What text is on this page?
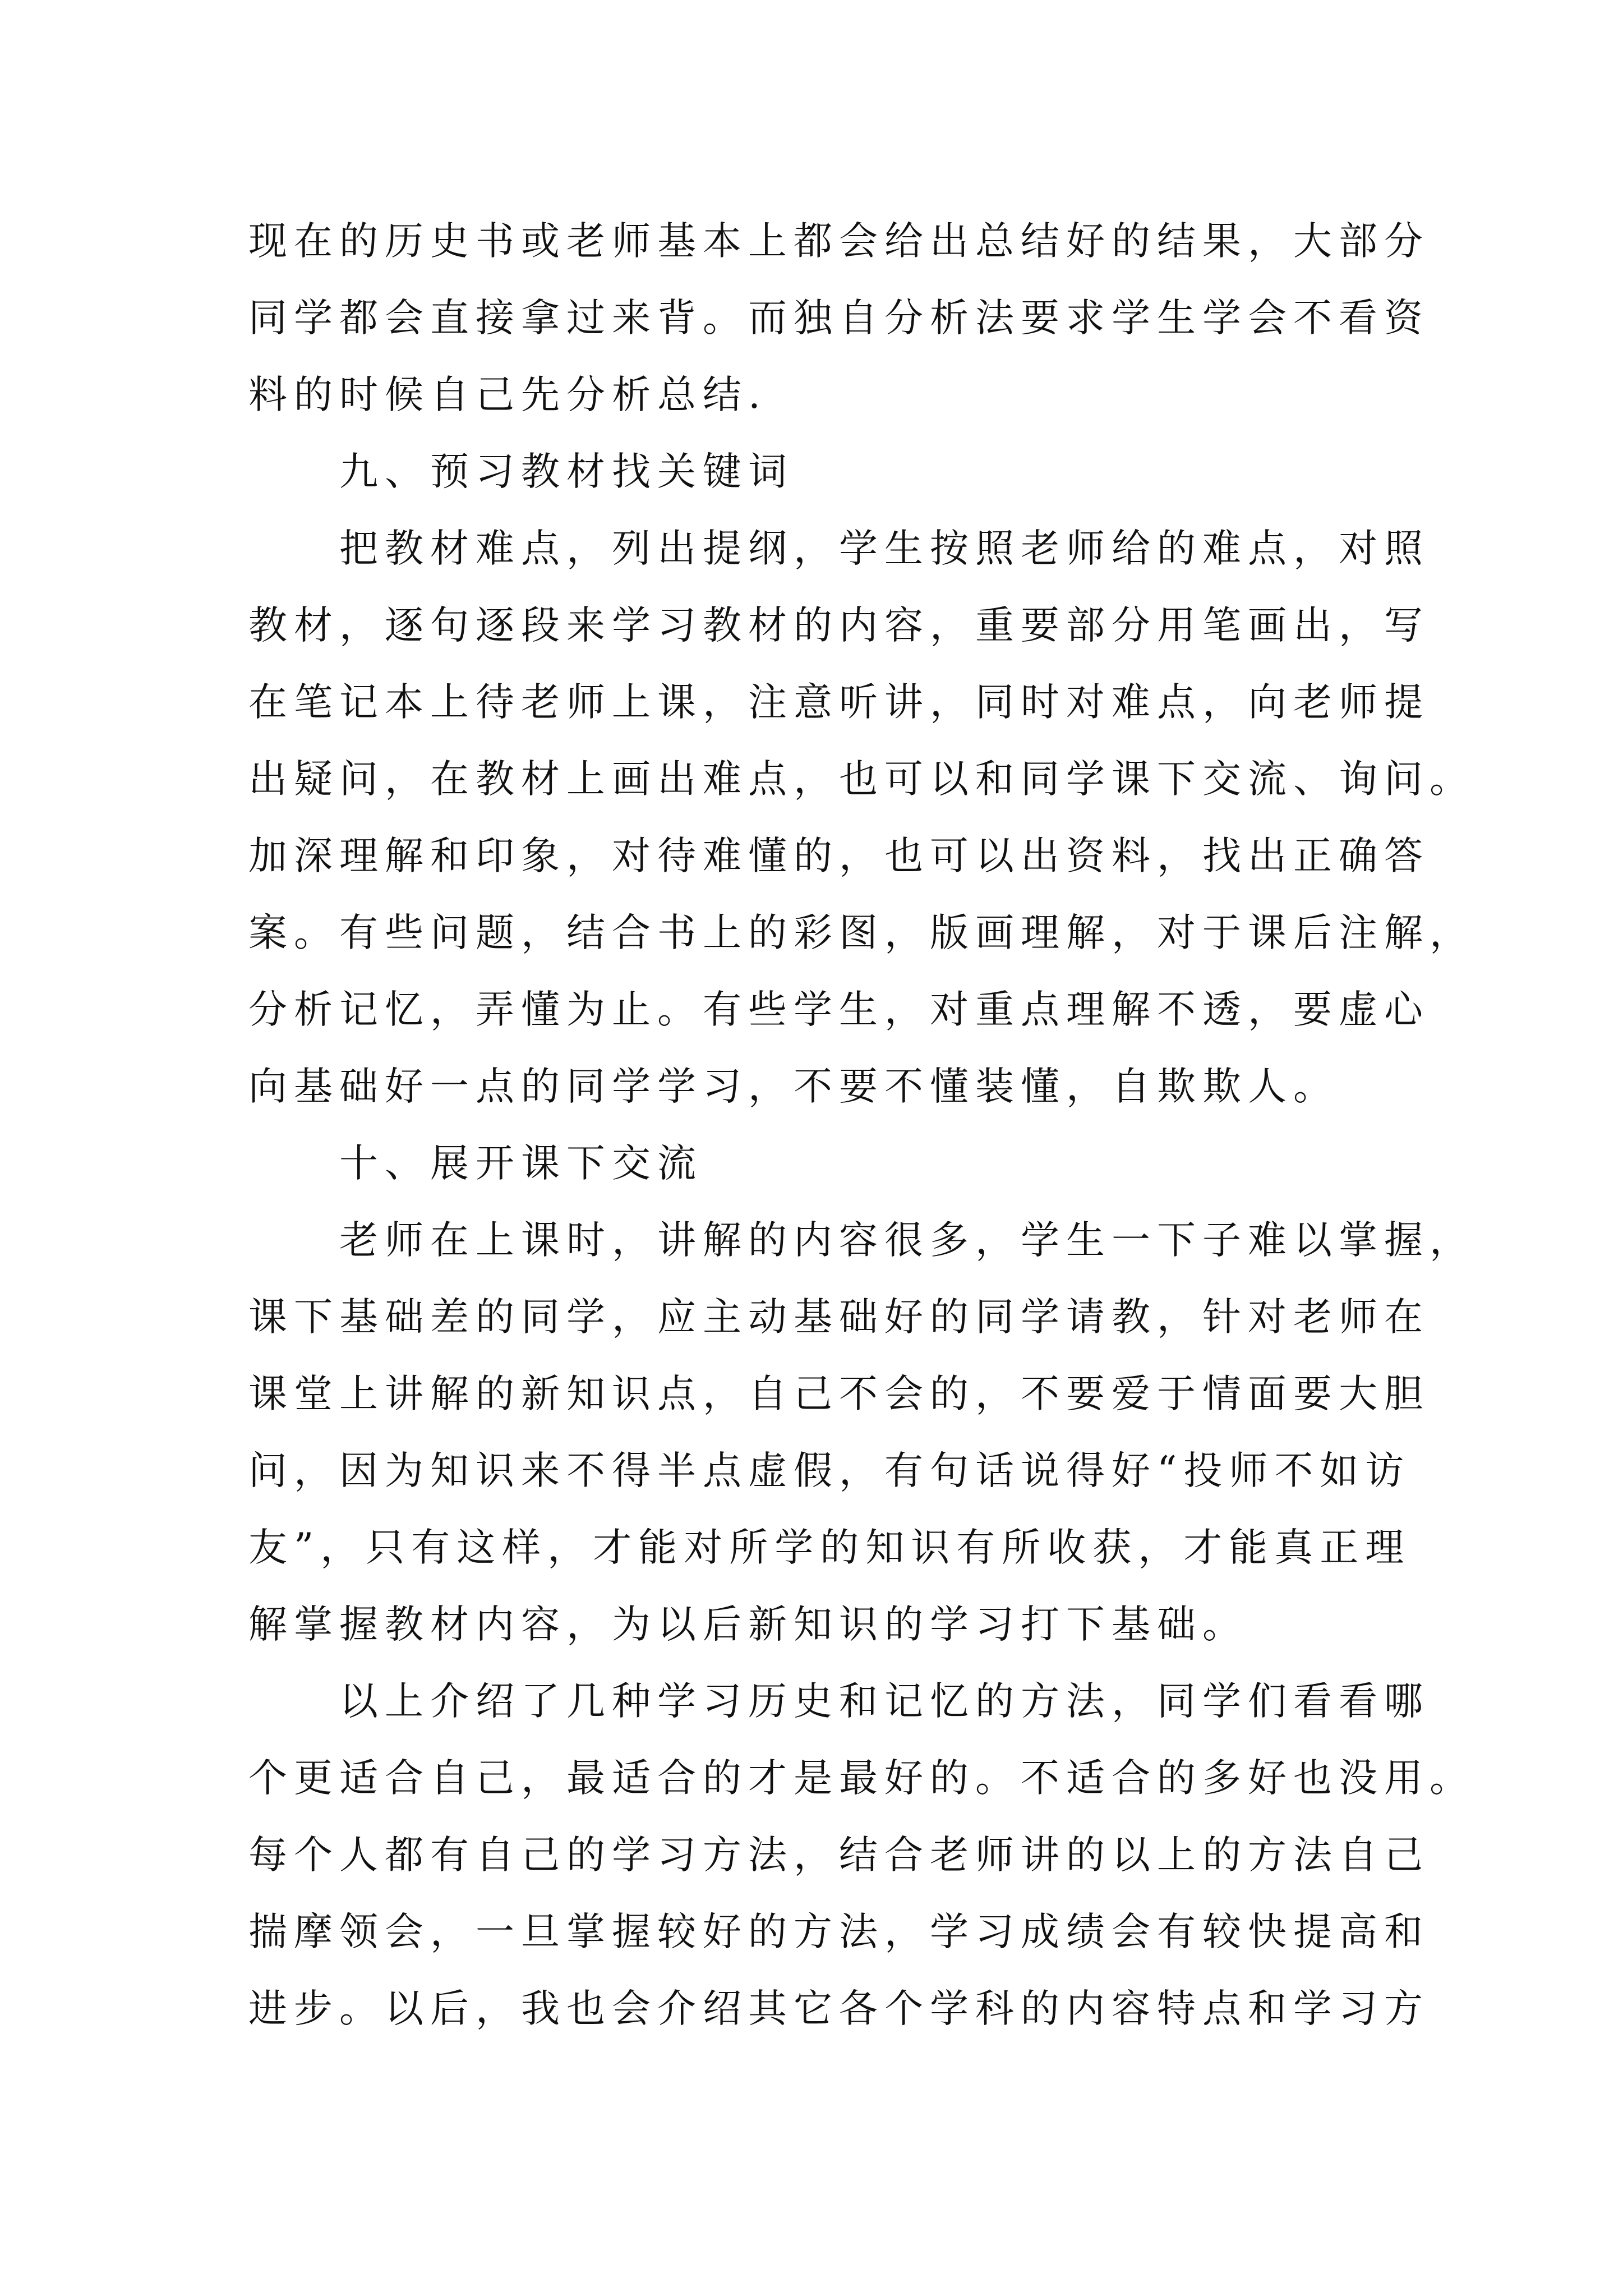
现在的历史书或老师基本上都会给出总结好的结果，大部分
同学都会直接拿过来背。而独自分析法要求学生学会不看资
料的时候自己先分析总结.
九、预习教材找关键词
把教材难点，列出提纲，学生按照老师给的难点，对照
教材，逐句逐段来学习教材的内容，重要部分用笔画出，写
在笔记本上待老师上课，注意听讲，同时对难点，向老师提
出疑问，在教材上画出难点，也可以和同学课下交流、询问。
加深理解和印象，对待难懂的，也可以出资料，找出正确答
案。有些问题，结合书上的彩图，版画理解，对于课后注解，
分析记忆，弄懂为止。有些学生，对重点理解不透，要虚心
向基础好一点的同学学习，不要不懂装懂，自欺欺人。
十、展开课下交流
老师在上课时，讲解的内容很多，学生一下子难以掌握，
课下基础差的同学，应主动基础好的同学请教，针对老师在
课堂上讲解的新知识点，自己不会的，不要爱于情面要大胆
问，因为知识来不得半点虚假，有句话说得好“投师不如访
友”，只有这样，才能对所学的知识有所收获，才能真正理
解掌握教材内容，为以后新知识的学习打下基础。
以上介绍了几种学习历史和记忆的方法，同学们看看哪
个更适合自己，最适合的才是最好的。不适合的多好也没用。
每个人都有自己的学习方法，结合老师讲的以上的方法自己
揣摩领会，一旦掌握较好的方法，学习成绩会有较快提高和
进步。以后，我也会介绍其它各个学科的内容特点和学习方
